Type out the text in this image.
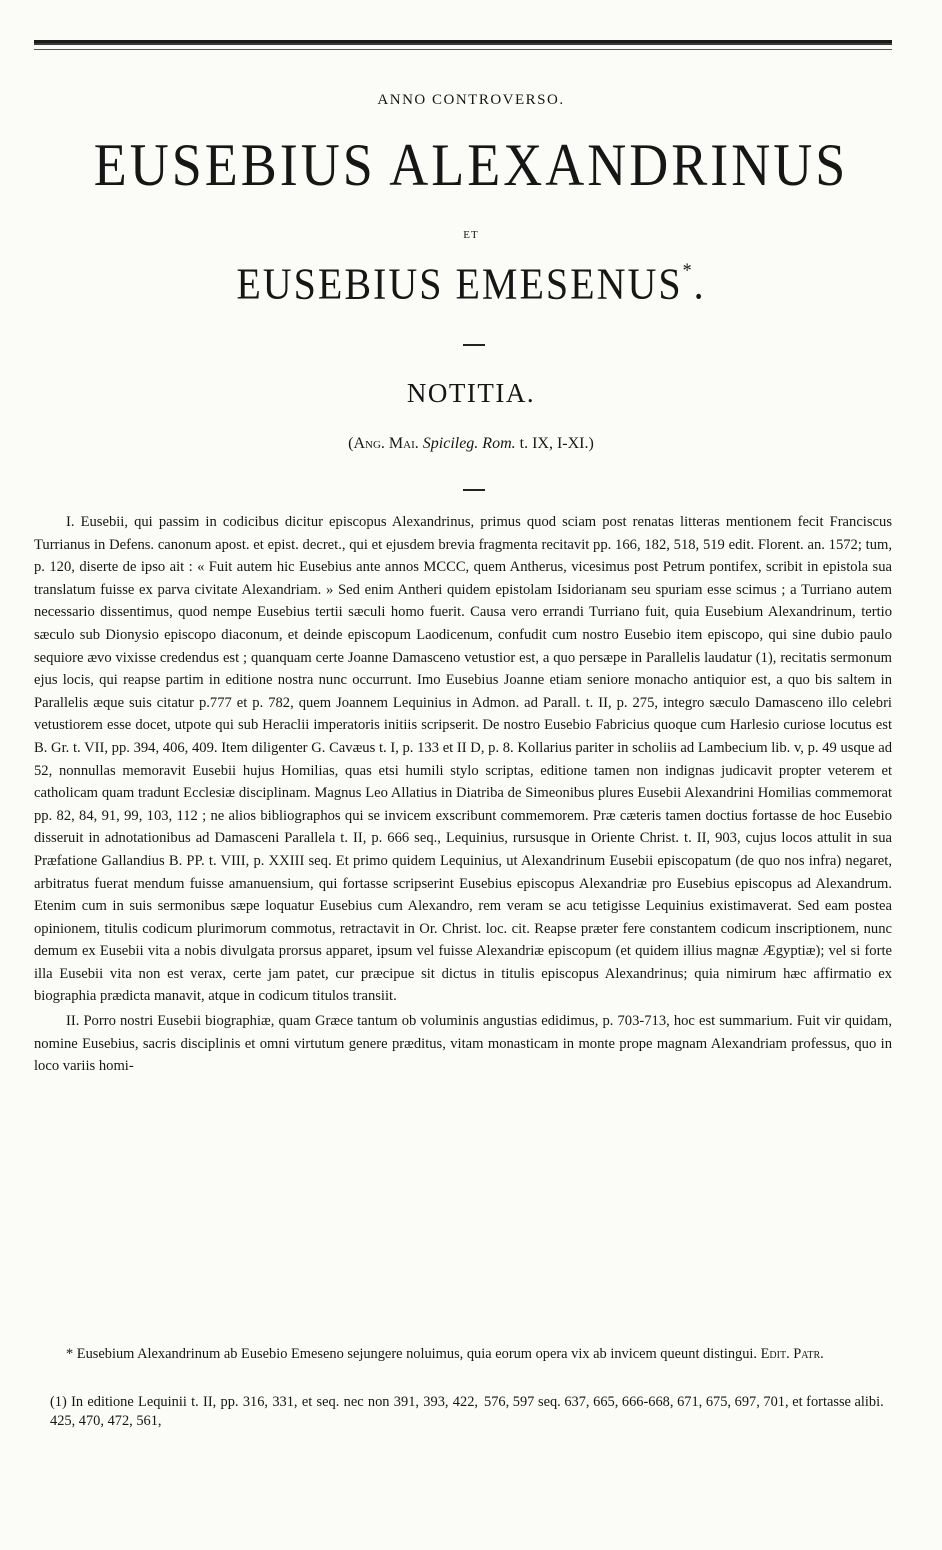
ANNO CONTROVERSO.
EUSEBIUS ALEXANDRINUS
ET
EUSEBIUS EMESENUS*.
NOTITIA.
(Ang. Mai. Spicileg. Rom. t. IX, I-XI.)

I. Eusebii, qui passim in codicibus dicitur episcopus Alexandrinus, primus quod sciam post renatas litteras mentionem fecit Franciscus Turrianus in Defens. canonum apost. et epist. decret., qui et ejusdem brevia fragmenta recitavit pp. 166, 182, 518, 519 edit. Florent. an. 1572; tum, p. 120, diserte de ipso ait : « Fuit autem hic Eusebius ante annos MCCC, quem Antherus, vicesimus post Petrum pontifex, scribit in epistola sua translatum fuisse ex parva civitate Alexandriam. » Sed enim Antheri quidem epistolam Isidorianam seu spuriam esse scimus ; a Turriano autem necessario dissentimus, quod nempe Eusebius tertii sæculi homo fuerit. Causa vero errandi Turriano fuit, quia Eusebium Alexandrinum, tertio sæculo sub Dionysio episcopo diaconum, et deinde episcopum Laodicenum, confudit cum nostro Eusebio item episcopo, qui sine dubio paulo sequiore ævo vixisse credendus est ; quanquam certe Joanne Damasceno vetustior est, a quo persæpe in Parallelis laudatur (1), recitatis sermonum ejus locis, qui reapse partim in editione nostra nunc occurrunt. Imo Eusebius Joanne etiam seniore monacho antiquior est, a quo bis saltem in Parallelis æque suis citatur p.777 et p. 782, quem Joannem Lequinius in Admon. ad Parall. t. II, p. 275, integro sæculo Damasceno illo celebri vetustiorem esse docet, utpote qui sub Heraclii imperatoris initiis scripserit. De nostro Eusebio Fabricius quoque cum Harlesio curiose locutus est B. Gr. t. VII, pp. 394, 406, 409. Item diligenter G. Cavæus t. I, p. 133 et II D, p. 8. Kollarius pariter in scholiis ad Lambecium lib. v, p. 49 usque ad 52, nonnullas memoravit Eusebii hujus Homilias, quas etsi humili stylo scriptas, editione tamen non indignas judicavit propter veterem et catholicam quam tradunt Ecclesiæ disciplinam. Magnus Leo Allatius in Diatriba de Simeonibus plures Eusebii Alexandrini Homilias commemorat pp. 82, 84, 91, 99, 103, 112 ; ne alios bibliographos qui se invicem exscribunt commemorem. Præ cæteris tamen doctius fortasse de hoc Eusebio disseruit in adnotationibus ad Damasceni Parallela t. II, p. 666 seq., Lequinius, rursusque in Oriente Christ. t. II, 903, cujus locos attulit in sua Præfatione Gallandius B. PP. t. VIII, p. XXIII seq. Et primo quidem Lequinius, ut Alexandrinum Eusebii episcopatum (de quo nos infra) negaret, arbitratus fuerat mendum fuisse amanuensium, qui fortasse scripserint Eusebius episcopus Alexandriæ pro Eusebius episcopus ad Alexandrum. Etenim cum in suis sermonibus sæpe loquatur Eusebius cum Alexandro, rem veram se acu tetigisse Lequinius existimaverat. Sed eam postea opinionem, titulis codicum plurimorum commotus, retractavit in Or. Christ. loc. cit. Reapse præter fere constantem codicum inscriptionem, nunc demum ex Eusebii vita a nobis divulgata prorsus apparet, ipsum vel fuisse Alexandriæ episcopum (et quidem illius magnæ Ægyptiæ); vel si forte illa Eusebii vita non est verax, certe jam patet, cur præcipue sit dictus in titulis episcopus Alexandrinus; quia nimirum hæc affirmatio ex biographia prædicta manavit, atque in codicum titulos transiit.

II. Porro nostri Eusebii biographiæ, quam Græce tantum ob voluminis angustias edidimus, p. 703-713, hoc est summarium. Fuit vir quidam, nomine Eusebius, sacris disciplinis et omni virtutum genere præditus, vitam monasticam in monte prope magnam Alexandriam professus, quo in loco variis homi-

* Eusebium Alexandrinum ab Eusebio Emeseno sejungere noluimus, quia eorum opera vix ab invicem queunt distingui. Edit. Patr.
(1) In editione Lequinii t. II, pp. 316, 331, et seq. nec non 391, 393, 422, 425, 470, 472, 561,
576, 597 seq. 637, 665, 666-668, 671, 675, 697, 701, et fortasse alibi.
